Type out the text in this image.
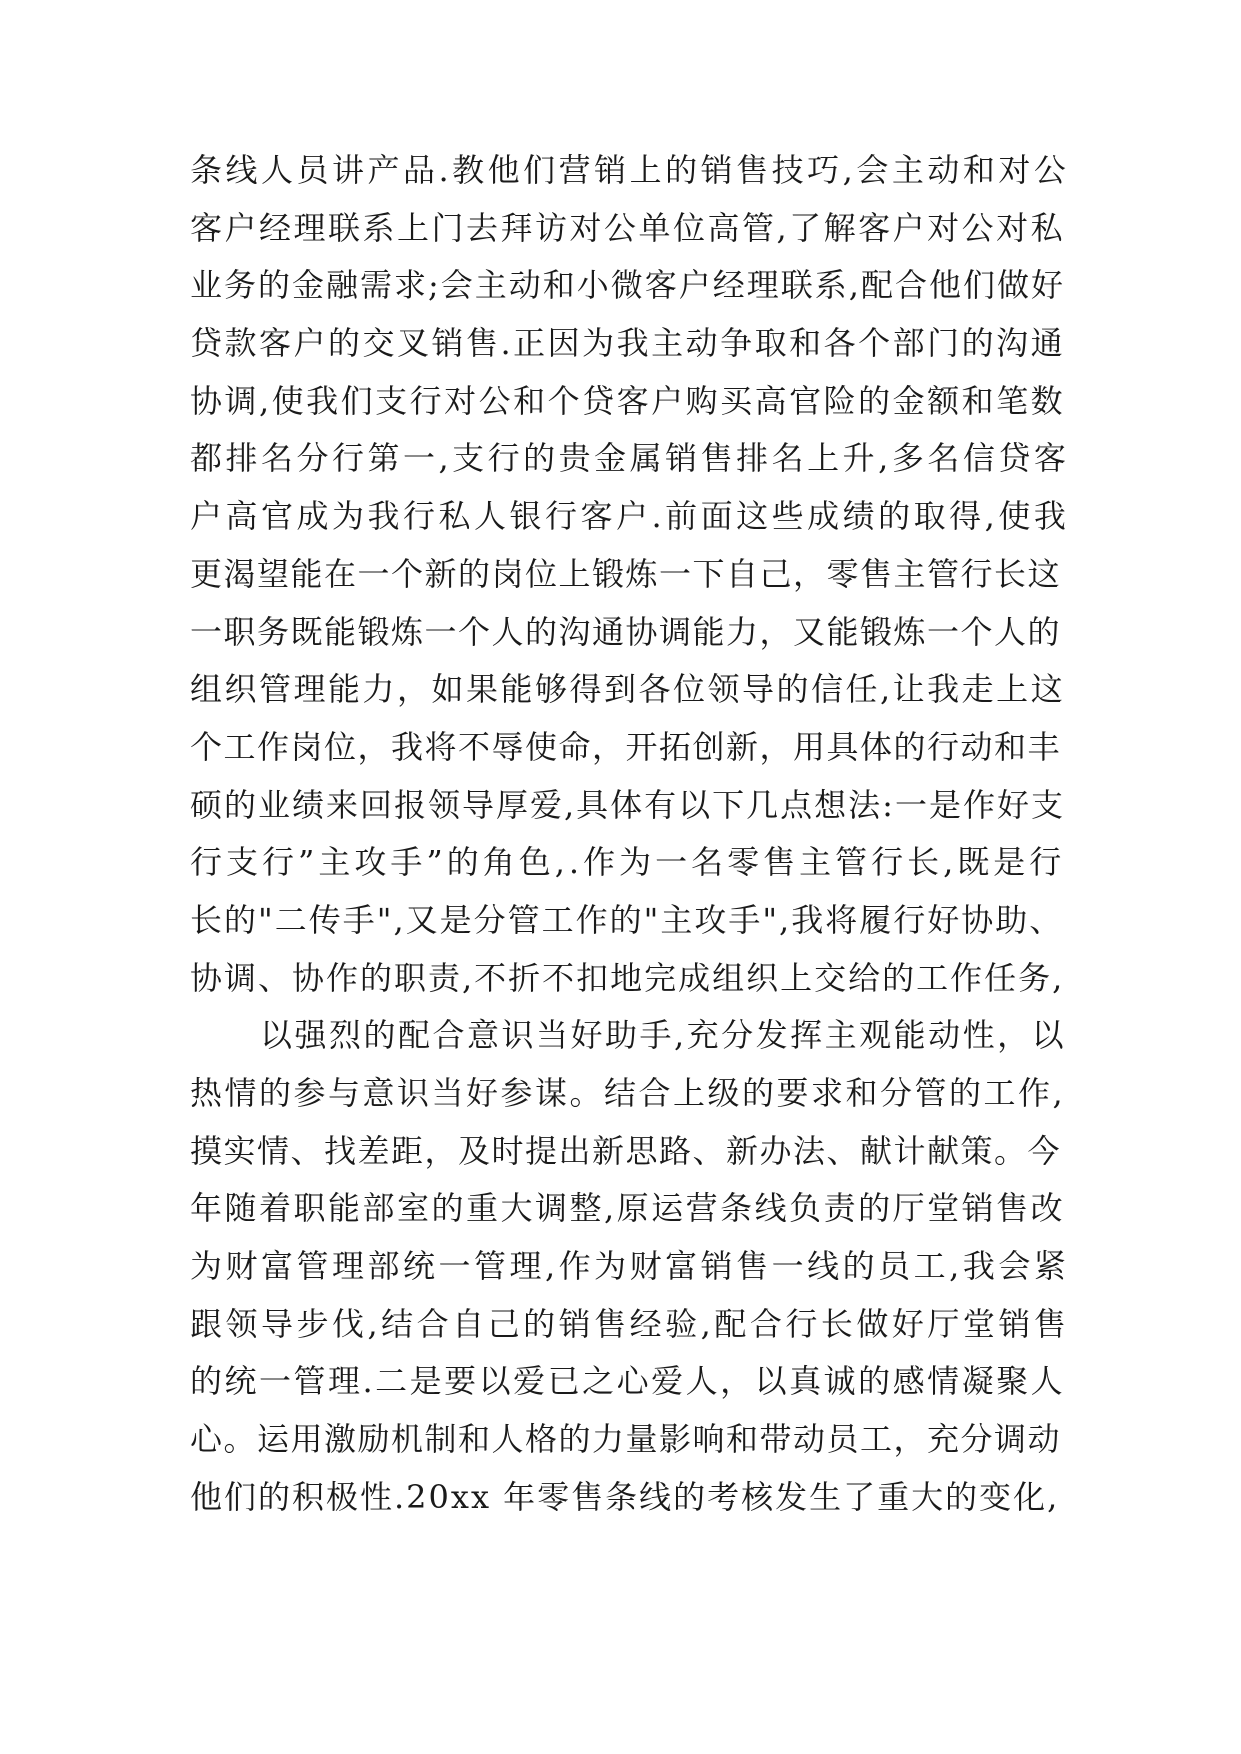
条线人员讲产品.教他们营销上的销售技巧,会主动和对公
客户经理联系上门去拜访对公单位高管,了解客户对公对私
业务的金融需求;会主动和小微客户经理联系,配合他们做好
贷款客户的交叉销售.正因为我主动争取和各个部门的沟通
协调,使我们支行对公和个贷客户购买高官险的金额和笔数
都排名分行第一,支行的贵金属销售排名上升,多名信贷客
户高官成为我行私人银行客户.前面这些成绩的取得,使我
更渴望能在一个新的岗位上锻炼一下自己，零售主管行长这
一职务既能锻炼一个人的沟通协调能力，又能锻炼一个人的
组织管理能力，如果能够得到各位领导的信任,让我走上这
个工作岗位，我将不辱使命，开拓创新，用具体的行动和丰
硕的业绩来回报领导厚爱,具体有以下几点想法:一是作好支
行支行”主攻手”的角色,.作为一名零售主管行长,既是行
长的"二传手",又是分管工作的"主攻手",我将履行好协助、
协调、协作的职责,不折不扣地完成组织上交给的工作任务,
以强烈的配合意识当好助手,充分发挥主观能动性，以
热情的参与意识当好参谋。结合上级的要求和分管的工作,
摸实情、找差距，及时提出新思路、新办法、献计献策。今
年随着职能部室的重大调整,原运营条线负责的厅堂销售改
为财富管理部统一管理,作为财富销售一线的员工,我会紧
跟领导步伐,结合自己的销售经验,配合行长做好厅堂销售
的统一管理.二是要以爱已之心爱人，以真诚的感情凝聚人
心。运用激励机制和人格的力量影响和带动员工，充分调动
他们的积极性.20xx 年零售条线的考核发生了重大的变化,
